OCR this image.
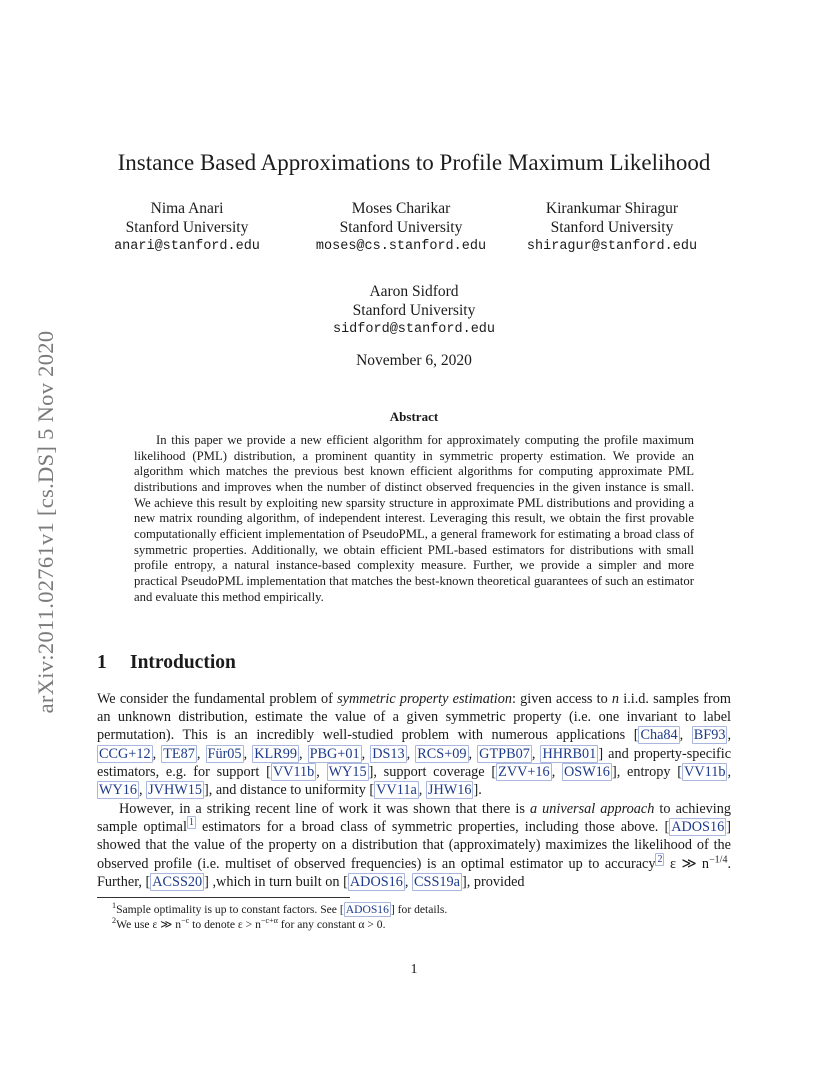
arXiv:2011.02761v1 [cs.DS] 5 Nov 2020
Instance Based Approximations to Profile Maximum Likelihood
Nima Anari
Stanford University
anari@stanford.edu
Moses Charikar
Stanford University
moses@cs.stanford.edu
Kirankumar Shiragur
Stanford University
shiragur@stanford.edu
Aaron Sidford
Stanford University
sidford@stanford.edu
November 6, 2020
Abstract

In this paper we provide a new efficient algorithm for approximately computing the profile maximum likelihood (PML) distribution, a prominent quantity in symmetric property estimation. We provide an algorithm which matches the previous best known efficient algorithms for computing approximate PML distributions and improves when the number of distinct observed frequencies in the given instance is small. We achieve this result by exploiting new sparsity structure in approximate PML distributions and providing a new matrix rounding algorithm, of independent interest. Leveraging this result, we obtain the first provable computationally efficient implementation of PseudoPML, a general framework for estimating a broad class of symmetric properties. Additionally, we obtain efficient PML-based estimators for distributions with small profile entropy, a natural instance-based complexity measure. Further, we provide a simpler and more practical PseudoPML implementation that matches the best-known theoretical guarantees of such an estimator and evaluate this method empirically.

1 Introduction

We consider the fundamental problem of symmetric property estimation: given access to n i.i.d. samples from an unknown distribution, estimate the value of a given symmetric property (i.e. one invariant to label permutation). This is an incredibly well-studied problem with numerous applications [ Cha84 , BF93 , CCG+12 , TE87 , Für05 , KLR99 , PBG+01 , DS13 , RCS+09 , GTPB07 , HHRB01 ] and property-specific estimators, e.g. for support [ VV11b , WY15 ], support coverage [ ZVV+16 , OSW16 ], entropy [ VV11b , WY16 , JVHW15 ], and distance to uniformity [ VV11a , JHW16 ].

However, in a striking recent line of work it was shown that there is a universal approach to achieving sample optimal $^1$ estimators for a broad class of symmetric properties, including those above. [ ADOS16 ] showed that the value of the property on a distribution that (approximately) maximizes the likelihood of the observed profile (i.e. multiset of observed frequencies) is an optimal estimator up to accuracy $^2$ ε ≫ $n^{-1/4}$. Further, [ ACSS20 ] ,which in turn built on [ ADOS16 , CSS19a ], provided

$^1$Sample optimality is up to constant factors. See [ ADOS16 ] for details.

$^2$We use ε ≫ $n^{-c}$ to denote $\varepsilon > n^{-c+\alpha}$ for any constant α > 0.

1
